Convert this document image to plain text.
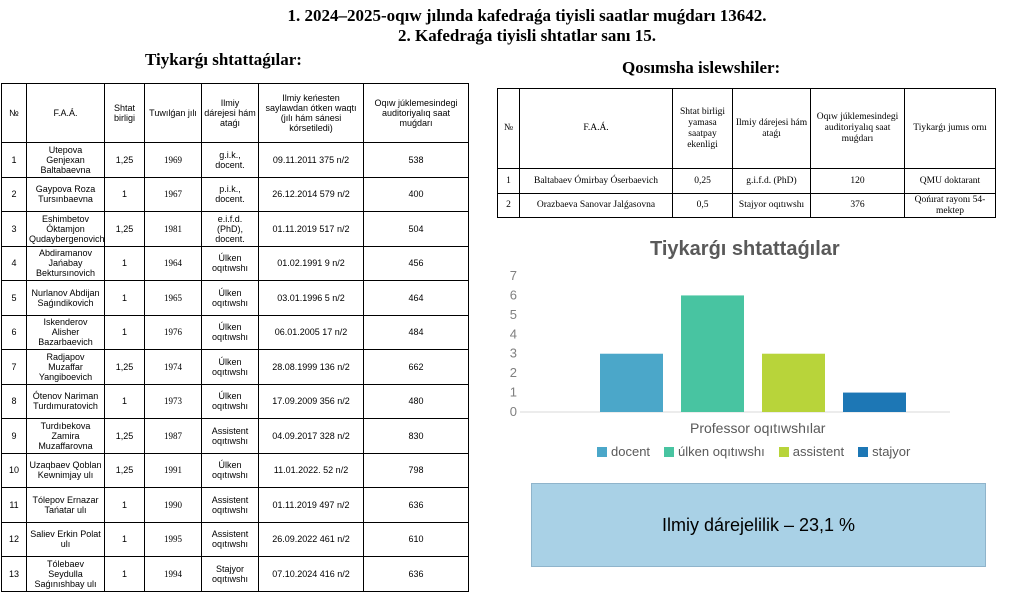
1. 2024–2025-oqıw jılında kafedraǵa tiyisli saatlar muǵdarı 13642.
2. Kafedraǵa tiyisli shtatlar sanı 15.
Tiykarǵı shtattaǵılar:	Qosımsha islewshiler:
№	F.A.Á.	Shtat birligi	Tuwılǵan jılı	Ilmiy dárejesi hám ataǵı	Ilmiy keńesten saylawdan ótken waqtı (jılı hám sánesi kórsetiledi)	Oqıw júklemesindegi auditoriyalıq saat muǵdarı
1	Utepova Genjexan Baltabaevna	1,25	1969	g.i.k., docent.	09.11.2011 375 n/2	538
2	Gaypova Roza Tursınbaevna	1	1967	p.i.k., docent.	26.12.2014 579 n/2	400
3	Eshimbetov Óktamjon Qudaybergenovich	1,25	1981	e.i.f.d. (PhD), docent.	01.11.2019 517 n/2	504
4	Abdiramanov Jańabay Bektursınovich	1	1964	Úlken oqıtıwshı	01.02.1991 9 n/2	456
5	Nurlanov Abdijan Saǵındikovich	1	1965	Úlken oqıtıwshı	03.01.1996 5 n/2	464
6	Iskenderov Alisher Bazarbaevich	1	1976	Úlken oqıtıwshı	06.01.2005 17 n/2	484
7	Radjapov Muzaffar Yangiboevich	1,25	1974	Úlken oqıtıwshı	28.08.1999 136 n/2	662
8	Ótenov Nariman Turdımuratovich	1	1973	Úlken oqıtıwshı	17.09.2009 356 n/2	480
9	Turdıbekova Zamira Muzaffarovna	1,25	1987	Assistent oqıtıwshı	04.09.2017 328 n/2	830
10	Uzaqbaev Qoblan Kewnimjay ulı	1,25	1991	Úlken oqıtıwshı	11.01.2022. 52 n/2	798
11	Tólepov Ernazar Tańatar ulı	1	1990	Assistent oqıtıwshı	01.11.2019 497 n/2	636
12	Saliev Erkin Polat ulı	1	1995	Assistent oqıtıwshı	26.09.2022 461 n/2	610
13	Tólebaev Seydulla Saǵınıshbay ulı	1	1994	Stajyor oqıtıwshı	07.10.2024 416 n/2	636
№	F.A.Á.	Shtat birligi yamasa saatpay ekenligi	Ilmiy dárejesi hám ataǵı	Oqıw júklemesindegi auditoriyalıq saat muǵdarı	Tiykarǵı jumıs ornı
1	Baltabaev Ómirbay Óserbaevich	0,25	g.i.f.d. (PhD)	120	QMU doktarant
2	Orazbaeva Sanovar Jalǵasovna	0,5	Stajyor oqıtıwshı	376	Qońırat rayonı 54-mektep
Tiykarǵı shtattaǵılar
0
1
2
3
4
5
6
7
Professor oqıtıwshılar
docent úlken oqıtıwshı assistent stajyor
Ilmiy dárejelilik – 23,1 %
